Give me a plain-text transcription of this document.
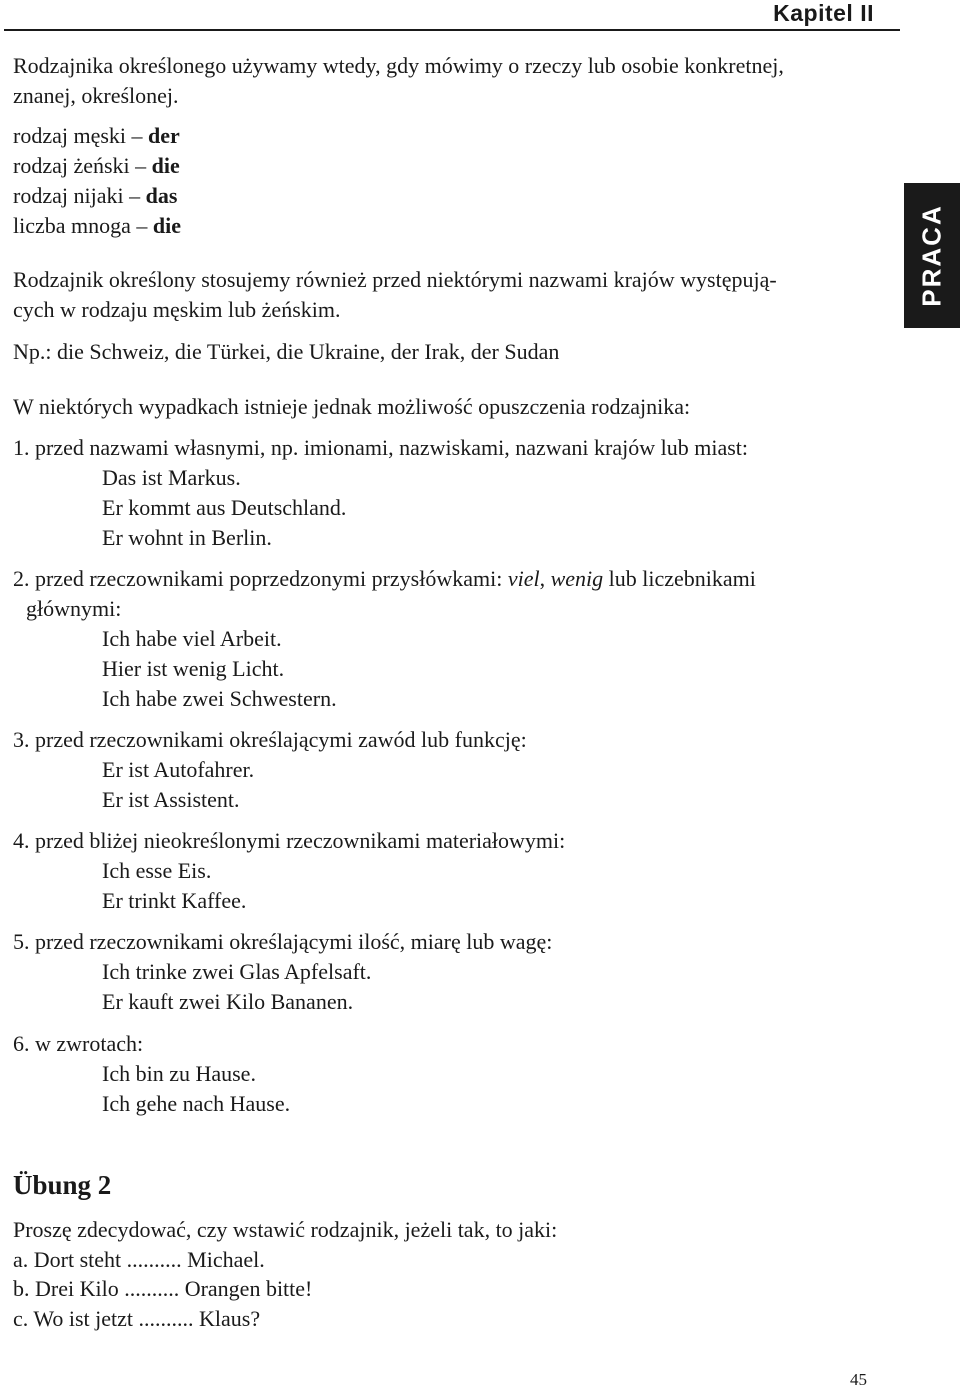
Kapitel II
PRACA
Rodzajnika określonego używamy wtedy, gdy mówimy o rzeczy lub osobie konkretnej,
znanej, określonej.
rodzaj męski – der
rodzaj żeński – die
rodzaj nijaki – das
liczba mnoga – die
Rodzajnik określony stosujemy również przed niektórymi nazwami krajów występują-
cych w rodzaju męskim lub żeńskim.
Np.: die Schweiz, die Türkei, die Ukraine, der Irak, der Sudan
W niektórych wypadkach istnieje jednak możliwość opuszczenia rodzajnika:
1. przed nazwami własnymi, np. imionami, nazwiskami, nazwani krajów lub miast:
Das ist Markus.
Er kommt aus Deutschland.
Er wohnt in Berlin.
2. przed rzeczownikami poprzedzonymi przysłówkami: viel, wenig lub liczebnikami
głównymi:
Ich habe viel Arbeit.
Hier ist wenig Licht.
Ich habe zwei Schwestern.
3. przed rzeczownikami określającymi zawód lub funkcję:
Er ist Autofahrer.
Er ist Assistent.
4. przed bliżej nieokreślonymi rzeczownikami materiałowymi:
Ich esse Eis.
Er trinkt Kaffee.
5. przed rzeczownikami określającymi ilość, miarę lub wagę:
Ich trinke zwei Glas Apfelsaft.
Er kauft zwei Kilo Bananen.
6. w zwrotach:
Ich bin zu Hause.
Ich gehe nach Hause.
Übung 2
Proszę zdecydować, czy wstawić rodzajnik, jeżeli tak, to jaki:
a. Dort steht .......... Michael.
b. Drei Kilo .......... Orangen bitte!
c. Wo ist jetzt .......... Klaus?
45
